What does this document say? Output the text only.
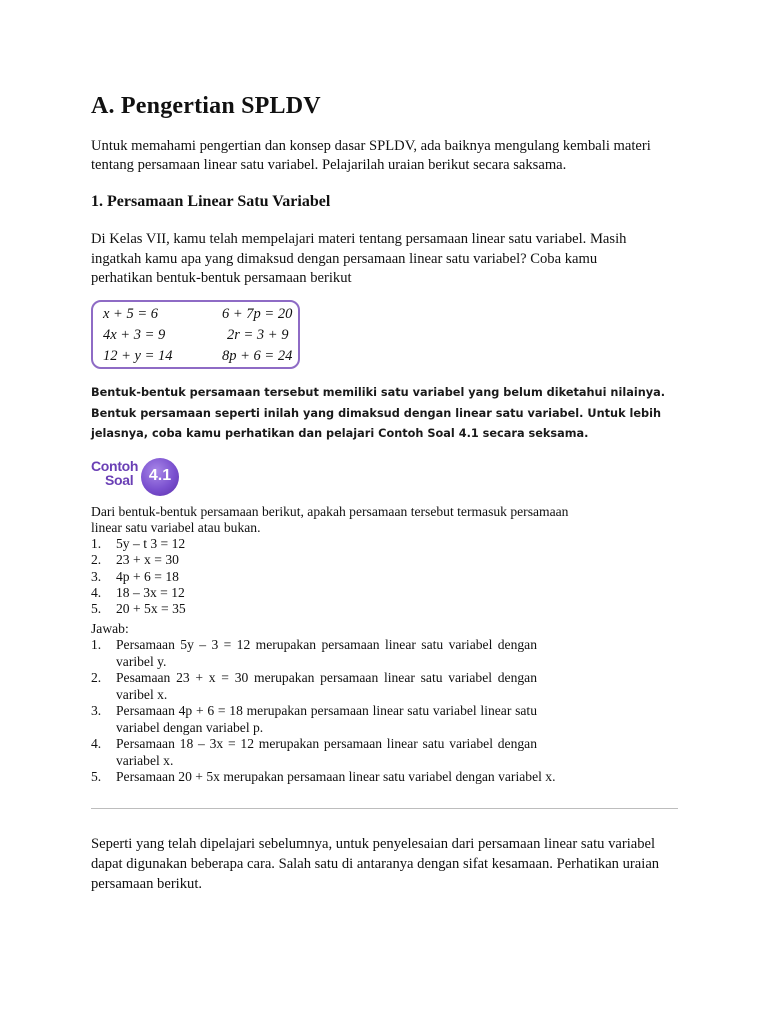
A. Pengertian SPLDV

Untuk memahami pengertian dan konsep dasar SPLDV, ada baiknya mengulang kembali materi tentang persamaan linear satu variabel. Pelajarilah uraian berikut secara saksama.

1. Persamaan Linear Satu Variabel

Di Kelas VII, kamu telah mempelajari materi tentang persamaan linear satu variabel. Masih ingatkah kamu apa yang dimaksud dengan persamaan linear satu variabel? Coba kamu perhatikan bentuk-bentuk persamaan berikut

x + 5 = 6
4x + 3 = 9
12 + y = 14
6 + 7p = 20
2r = 3 + 9
8p + 6 = 24

Bentuk-bentuk persamaan tersebut memiliki satu variabel yang belum diketahui nilainya. Bentuk persamaan seperti inilah yang dimaksud dengan linear satu variabel. Untuk lebih jelasnya, coba kamu perhatikan dan pelajari Contoh Soal 4.1 secara seksama.

Contoh
Soal 4.1
Dari bentuk-bentuk persamaan berikut, apakah persamaan tersebut termasuk persamaan
linear satu variabel atau bukan.
1. 5y – t 3 = 12
2. 23 + x = 30
3. 4p + 6 = 18
4. 18 – 3x = 12
5. 20 + 5x = 35
Jawab:
1. Persamaan 5y – 3 = 12 merupakan persamaan linear satu variabel dengan
varibel y.
2. Pesamaan 23 + x = 30 merupakan persamaan linear satu variabel dengan
varibel x.
3. Persamaan 4p + 6 = 18 merupakan persamaan linear satu variabel linear satu
variabel dengan variabel p.
4. Persamaan 18 – 3x = 12 merupakan persamaan linear satu variabel dengan
variabel x.
5. Persamaan 20 + 5x merupakan persamaan linear satu variabel dengan variabel x.

Seperti yang telah dipelajari sebelumnya, untuk penyelesaian dari persamaan linear satu variabel dapat digunakan beberapa cara. Salah satu di antaranya dengan sifat kesamaan. Perhatikan uraian persamaan berikut.
